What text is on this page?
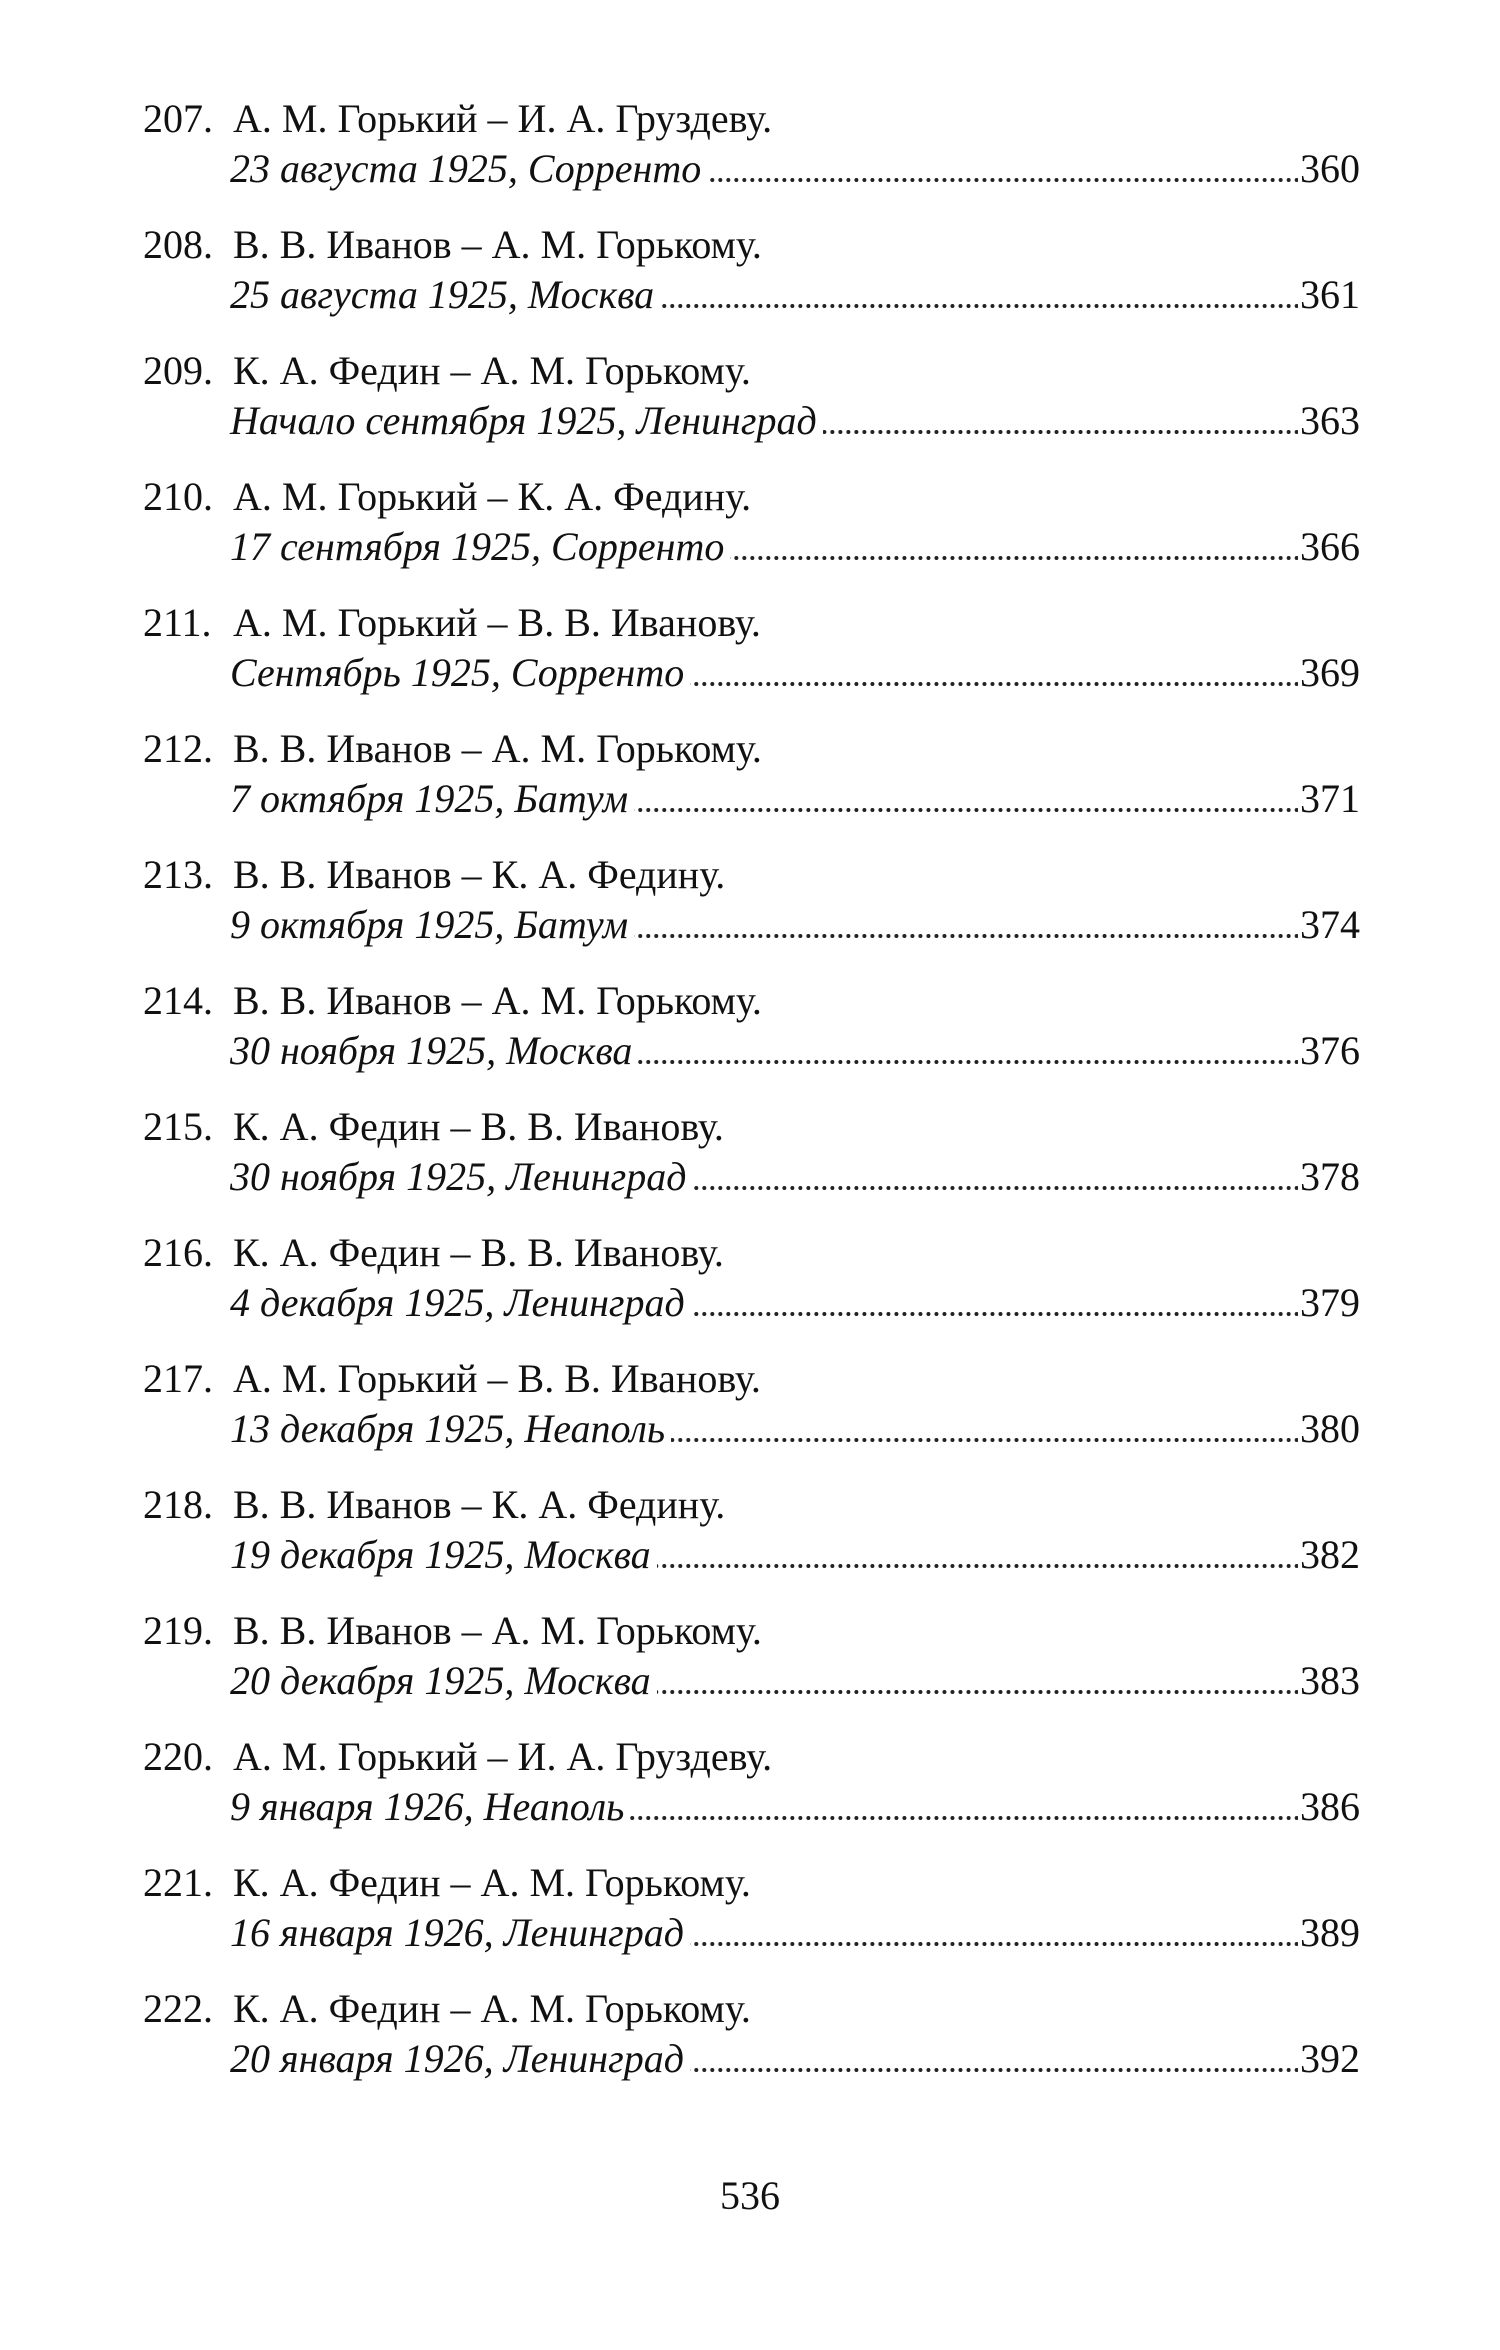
207. А. М. Горький – И. А. Груздеву.
23 августа 1925, Сорренто	360
208. В. В. Иванов – А. М. Горькому.
25 августа 1925, Москва	361
209. К. А. Федин – А. М. Горькому.
Начало сентября 1925, Ленинград	363
210. А. М. Горький – К. А. Федину.
17 сентября 1925, Сорренто	366
211. А. М. Горький – В. В. Иванову.
Сентябрь 1925, Сорренто	369
212. В. В. Иванов – А. М. Горькому.
7 октября 1925, Батум	371
213. В. В. Иванов – К. А. Федину.
9 октября 1925, Батум	374
214. В. В. Иванов – А. М. Горькому.
30 ноября 1925, Москва	376
215. К. А. Федин – В. В. Иванову.
30 ноября 1925, Ленинград	378
216. К. А. Федин – В. В. Иванову.
4 декабря 1925, Ленинград	379
217. А. М. Горький – В. В. Иванову.
13 декабря 1925, Неаполь	380
218. В. В. Иванов – К. А. Федину.
19 декабря 1925, Москва	382
219. В. В. Иванов – А. М. Горькому.
20 декабря 1925, Москва	383
220. А. М. Горький – И. А. Груздеву.
9 января 1926, Неаполь	386
221. К. А. Федин – А. М. Горькому.
16 января 1926, Ленинград	389
222. К. А. Федин – А. М. Горькому.
20 января 1926, Ленинград	392
536
